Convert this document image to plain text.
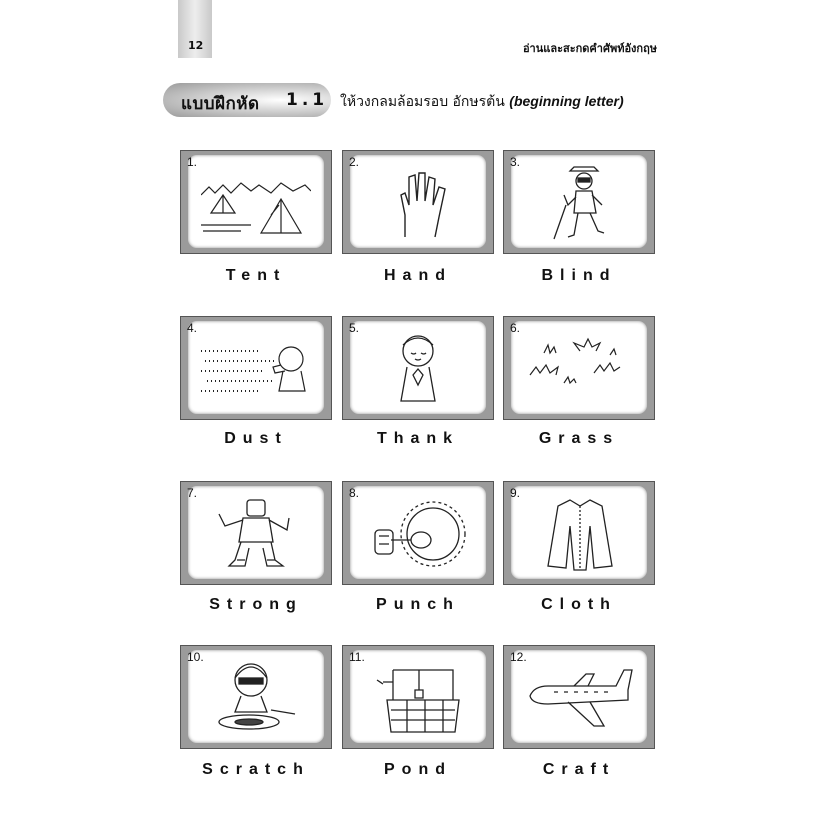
12	อ่านและสะกดคำศัพท์อังกฤษ
แบบฝึกหัด 1.1 ให้วงกลมล้อมรอบ อักษรต้น (beginning letter)
1.
Tent
2.
Hand
3.
Blind
4.
Dust
5.
Thank
6.
Grass
7.
Strong
8.
Punch
9.
Cloth
10.
Scratch
11.
Pond
12.
Craft
